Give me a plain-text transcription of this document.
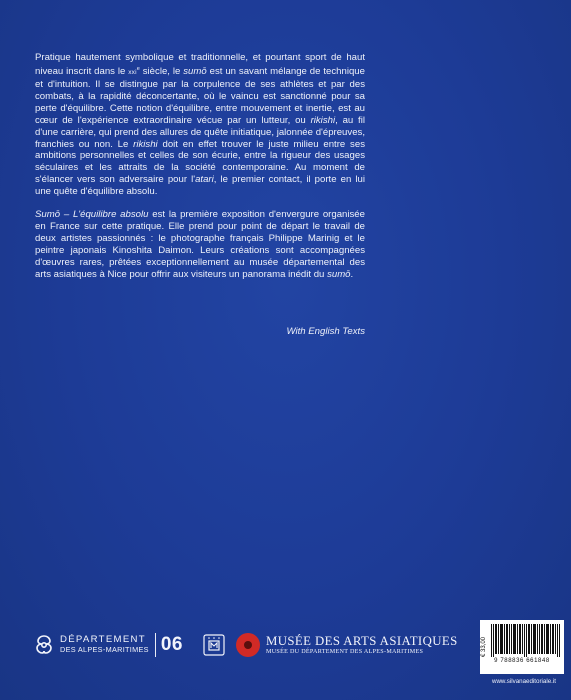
Pratique hautement symbolique et traditionnelle, et pourtant sport de haut niveau inscrit dans le xxi$^e$ siècle, le sumō est un savant mélange de technique et d'intuition. Il se distingue par la corpulence de ses athlètes et par des combats, à la rapidité déconcertante, où le vaincu est sanctionné pour sa perte d'équilibre. Cette notion d'équilibre, entre mouvement et inertie, est au cœur de l'expérience extraordinaire vécue par un lutteur, ou rikishi, au fil d'une carrière, qui prend des allures de quête initiatique, jalonnée d'épreuves, franchies ou non. Le rikishi doit en effet trouver le juste milieu entre ses ambitions personnelles et celles de son écurie, entre la rigueur des usages séculaires et les attraits de la société contemporaine. Au moment de s'élancer vers son adversaire pour l'atari, le premier contact, il porte en lui une quête d'équilibre absolu.

Sumō – L'équilibre absolu est la première exposition d'envergure organisée en France sur cette pratique. Elle prend pour point de départ le travail de deux artistes passionnés : le photographe français Philippe Marinig et le peintre japonais Kinoshita Daimon. Leurs créations sont accompagnées d'œuvres rares, prêtées exceptionnellement au musée départemental des arts asiatiques à Nice pour offrir aux visiteurs un panorama inédit du sumō.

With English Texts
DÉPARTEMENT
DES ALPES-MARITIMES 06	MUSÉE DES ARTS ASIATIQUES
MUSÉE DU DÉPARTEMENT DES ALPES-MARITIMES	€ 33,00
9 788836 661848
www.silvanaeditoriale.it
